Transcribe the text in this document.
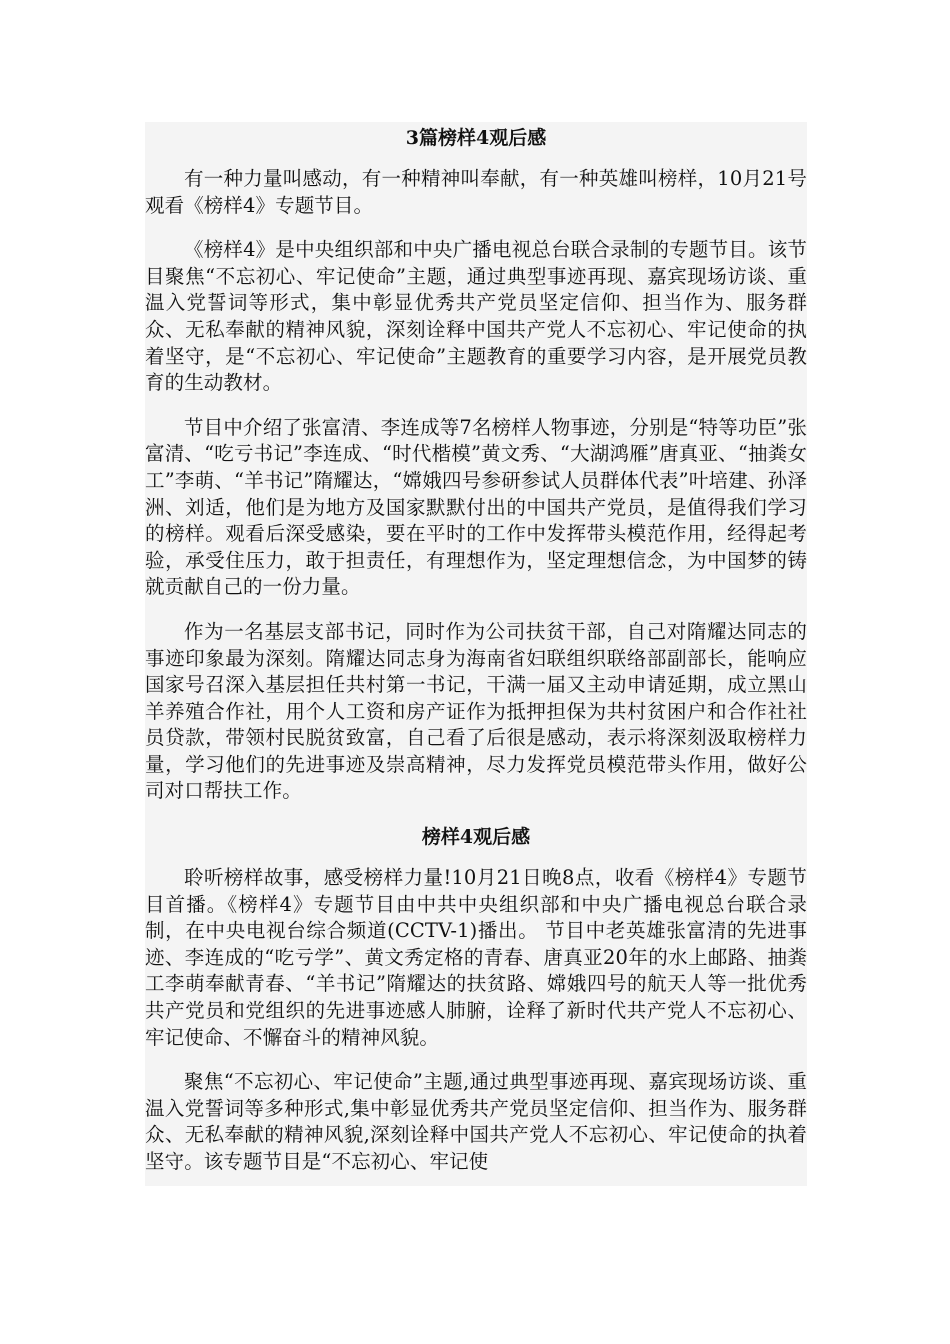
3篇榜样4观后感

有一种力量叫感动，有一种精神叫奉献，有一种英雄叫榜样，10月21号观看《榜样4》专题节目。

《榜样4》是中央组织部和中央广播电视总台联合录制的专题节目。该节目聚焦“不忘初心、牢记使命”主题，通过典型事迹再现、嘉宾现场访谈、重温入党誓词等形式，集中彰显优秀共产党员坚定信仰、担当作为、服务群众、无私奉献的精神风貌，深刻诠释中国共产党人不忘初心、牢记使命的执着坚守，是“不忘初心、牢记使命”主题教育的重要学习内容，是开展党员教育的生动教材。

节目中介绍了张富清、李连成等7名榜样人物事迹，分别是“特等功臣”张富清、“吃亏书记”李连成、“时代楷模”黄文秀、“大湖鸿雁”唐真亚、“抽粪女工”李萌、“羊书记”隋耀达，“嫦娥四号参研参试人员群体代表”叶培建、孙泽洲、刘适，他们是为地方及国家默默付出的中国共产党员，是值得我们学习的榜样。观看后深受感染，要在平时的工作中发挥带头模范作用，经得起考验，承受住压力，敢于担责任，有理想作为，坚定理想信念，为中国梦的铸就贡献自己的一份力量。

作为一名基层支部书记，同时作为公司扶贫干部，自己对隋耀达同志的事迹印象最为深刻。隋耀达同志身为海南省妇联组织联络部副部长，能响应国家号召深入基层担任共村第一书记，干满一届又主动申请延期，成立黑山羊养殖合作社，用个人工资和房产证作为抵押担保为共村贫困户和合作社社员贷款，带领村民脱贫致富，自己看了后很是感动，表示将深刻汲取榜样力量，学习他们的先进事迹及崇高精神，尽力发挥党员模范带头作用，做好公司对口帮扶工作。

榜样4观后感

聆听榜样故事，感受榜样力量!10月21日晚8点，收看《榜样4》专题节目首播。《榜样4》专题节目由中共中央组织部和中央广播电视总台联合录制，在中央电视台综合频道(CCTV-1)播出。 节目中老英雄张富清的先进事迹、李连成的“吃亏学”、黄文秀定格的青春、唐真亚20年的水上邮路、抽粪工李萌奉献青春、“羊书记”隋耀达的扶贫路、嫦娥四号的航天人等一批优秀共产党员和党组织的先进事迹感人肺腑，诠释了新时代共产党人不忘初心、牢记使命、不懈奋斗的精神风貌。

聚焦“不忘初心、牢记使命”主题,通过典型事迹再现、嘉宾现场访谈、重温入党誓词等多种形式,集中彰显优秀共产党员坚定信仰、担当作为、服务群众、无私奉献的精神风貌,深刻诠释中国共产党人不忘初心、牢记使命的执着坚守。该专题节目是“不忘初心、牢记使
